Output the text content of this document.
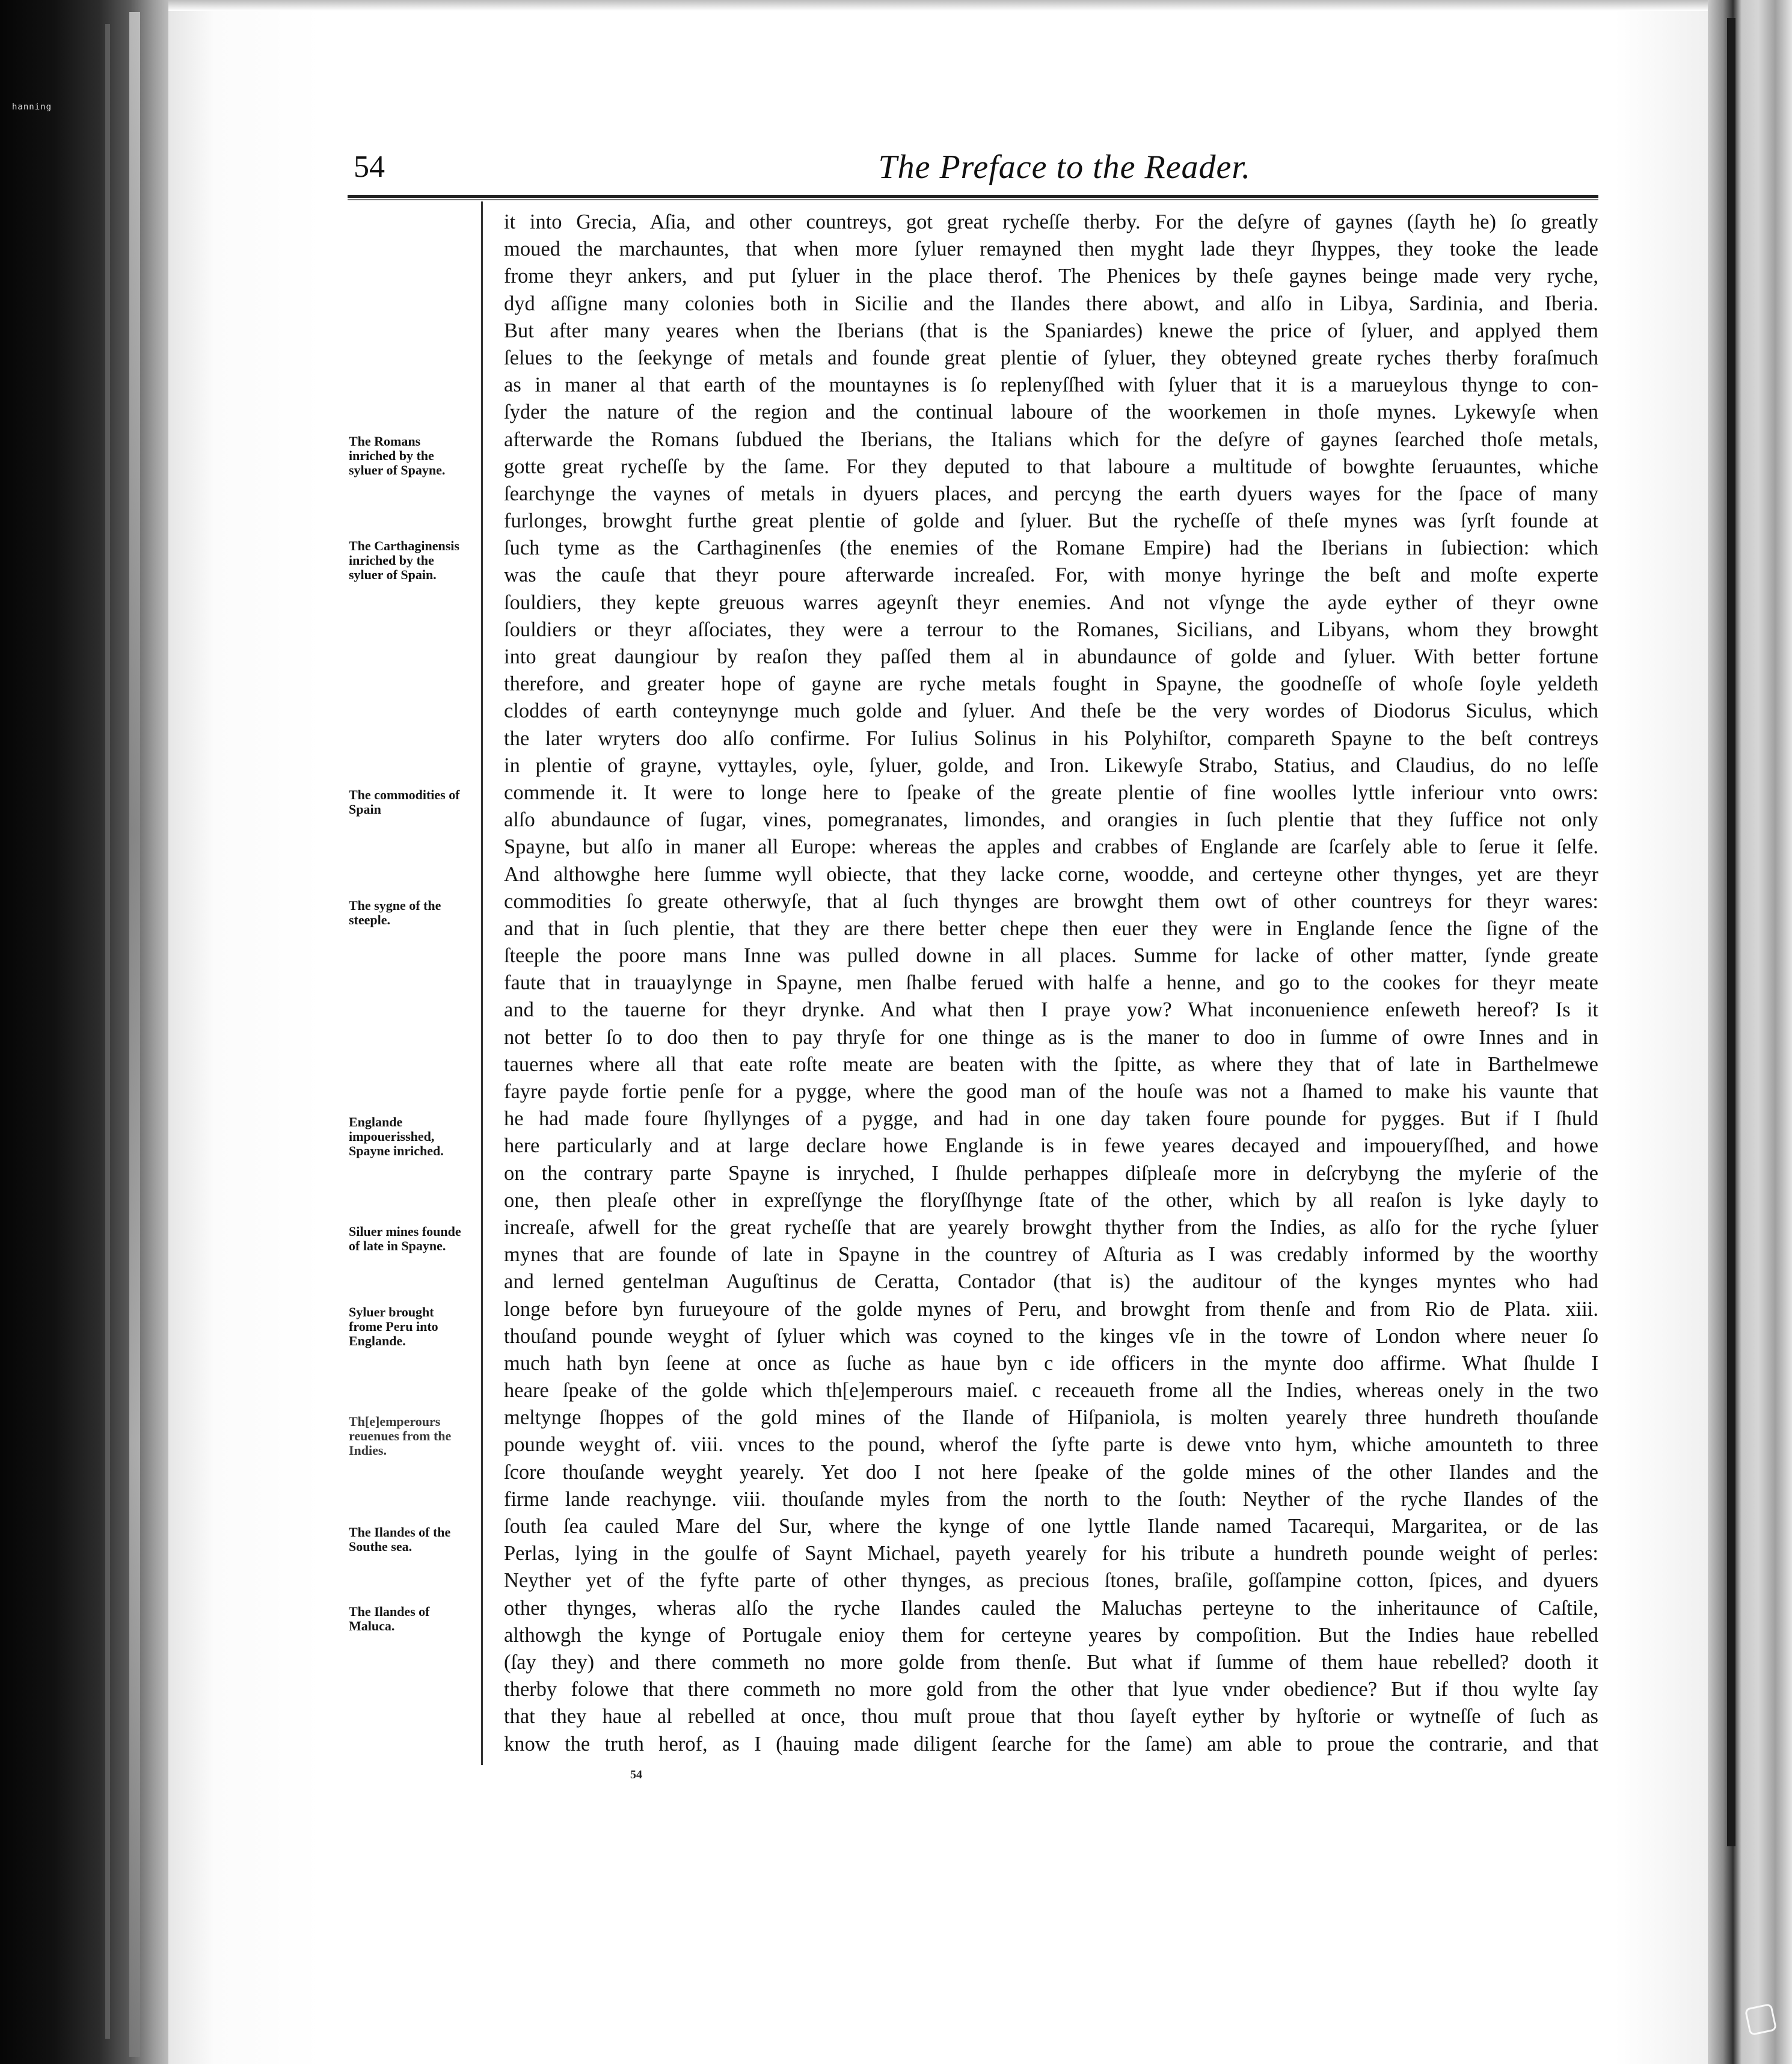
hanning
54	The Preface to the Reader.
The Romans inriched by the syluer of Spayne.
The Carthaginensis inriched by the syluer of Spain.
The commodities of Spain
The sygne of the steeple.
Englande impouerisshed, Spayne inriched.
Siluer mines founde of late in Spayne.
Syluer brought frome Peru into Englande.
Th[e]emperours reuenues from the Indies.
The Ilandes of the Southe sea.
The Ilandes of Maluca.
it into Grecia, Aſia, and other countreys, got great rycheſſe therby. For the deſyre of gaynes (ſayth he) ſo greatly
moued the marchauntes, that when more ſyluer remayned then myght lade theyr ſhyppes, they tooke the leade
frome theyr ankers, and put ſyluer in the place therof. The Phenices by theſe gaynes beinge made very ryche,
dyd aſſigne many colonies both in Sicilie and the Ilandes there abowt, and alſo in Libya, Sardinia, and Iberia.
But after many yeares when the Iberians (that is the Spaniardes) knewe the price of ſyluer, and applyed them
ſelues to the ſeekynge of metals and founde great plentie of ſyluer, they obteyned greate ryches therby foraſmuch
as in maner al that earth of the mountaynes is ſo replenyſſhed with ſyluer that it is a marueylous thynge to con-
ſyder the nature of the region and the continual laboure of the woorkemen in thoſe mynes. Lykewyſe when
afterwarde the Romans ſubdued the Iberians, the Italians which for the deſyre of gaynes ſearched thoſe metals,
gotte great rycheſſe by the ſame. For they deputed to that laboure a multitude of bowghte ſeruauntes, whiche
ſearchynge the vaynes of metals in dyuers places, and percyng the earth dyuers wayes for the ſpace of many
furlonges, browght furthe great plentie of golde and ſyluer. But the rycheſſe of theſe mynes was ſyrſt founde at
ſuch tyme as the Carthaginenſes (the enemies of the Romane Empire) had the Iberians in ſubiection: which
was the cauſe that theyr poure afterwarde increaſed. For, with monye hyringe the beſt and moſte experte
ſouldiers, they kepte greuous warres ageynſt theyr enemies. And not vſynge the ayde eyther of theyr owne
ſouldiers or theyr aſſociates, they were a terrour to the Romanes, Sicilians, and Libyans, whom they browght
into great daungiour by reaſon they paſſed them al in abundaunce of golde and ſyluer. With better fortune
therefore, and greater hope of gayne are ryche metals fought in Spayne, the goodneſſe of whoſe ſoyle yeldeth
cloddes of earth conteynynge much golde and ſyluer. And theſe be the very wordes of Diodorus Siculus, which
the later wryters doo alſo confirme. For Iulius Solinus in his Polyhiſtor, compareth Spayne to the beſt contreys
in plentie of grayne, vyttayles, oyle, ſyluer, golde, and Iron. Likewyſe Strabo, Statius, and Claudius, do no leſſe
commende it. It were to longe here to ſpeake of the greate plentie of fine woolles lyttle inferiour vnto owrs:
alſo abundaunce of ſugar, vines, pomegranates, limondes, and orangies in ſuch plentie that they ſuffice not only
Spayne, but alſo in maner all Europe: whereas the apples and crabbes of Englande are ſcarſely able to ſerue it ſelfe.
And althowghe here ſumme wyll obiecte, that they lacke corne, woodde, and certeyne other thynges, yet are theyr
commodities ſo greate otherwyſe, that al ſuch thynges are browght them owt of other countreys for theyr wares:
and that in ſuch plentie, that they are there better chepe then euer they were in Englande ſence the ſigne of the
ſteeple the poore mans Inne was pulled downe in all places. Summe for lacke of other matter, ſynde greate
faute that in trauaylynge in Spayne, men ſhalbe ferued with halfe a henne, and go to the cookes for theyr meate
and to the tauerne for theyr drynke. And what then I praye yow? What inconuenience enſeweth hereof? Is it
not better ſo to doo then to pay thryſe for one thinge as is the maner to doo in ſumme of owre Innes and in
tauernes where all that eate roſte meate are beaten with the ſpitte, as where they that of late in Barthelmewe
fayre payde fortie penſe for a pygge, where the good man of the houſe was not a ſhamed to make his vaunte that
he had made foure ſhyllynges of a pygge, and had in one day taken foure pounde for pygges. But if I ſhuld
here particularly and at large declare howe Englande is in fewe yeares decayed and impoueryſſhed, and howe
on the contrary parte Spayne is inryched, I ſhulde perhappes diſpleaſe more in deſcrybyng the myſerie of the
one, then pleaſe other in expreſſynge the floryſſhynge ſtate of the other, which by all reaſon is lyke dayly to
increaſe, afwell for the great rycheſſe that are yearely browght thyther from the Indies, as alſo for the ryche ſyluer
mynes that are founde of late in Spayne in the countrey of Aſturia as I was credably informed by the woorthy
and lerned gentelman Auguſtinus de Ceratta, Contador (that is) the auditour of the kynges myntes who had
longe before byn furueyoure of the golde mynes of Peru, and browght from thenſe and from Rio de Plata. xiii.
thouſand pounde weyght of ſyluer which was coyned to the kinges vſe in the towre of London where neuer ſo
much hath byn ſeene at once as ſuche as haue byn c ide officers in the mynte doo affirme. What ſhulde I
heare ſpeake of the golde which th[e]emperours maieſ. c receaueth frome all the Indies, whereas onely in the two
meltynge ſhoppes of the gold mines of the Ilande of Hiſpaniola, is molten yearely three hundreth thouſande
pounde weyght of. viii. vnces to the pound, wherof the ſyfte parte is dewe vnto hym, whiche amounteth to three
ſcore thouſande weyght yearely. Yet doo I not here ſpeake of the golde mines of the other Ilandes and the
firme lande reachynge. viii. thouſande myles from the north to the ſouth: Neyther of the ryche Ilandes of the
ſouth ſea cauled Mare del Sur, where the kynge of one lyttle Ilande named Tacarequi, Margaritea, or de las
Perlas, lying in the goulfe of Saynt Michael, payeth yearely for his tribute a hundreth pounde weight of perles:
Neyther yet of the fyfte parte of other thynges, as precious ſtones, braſile, goſſampine cotton, ſpices, and dyuers
other thynges, wheras alſo the ryche Ilandes cauled the Maluchas perteyne to the inheritaunce of Caſtile,
althowgh the kynge of Portugale enioy them for certeyne yeares by compoſition. But the Indies haue rebelled
(ſay they) and there commeth no more golde from thenſe. But what if ſumme of them haue rebelled? dooth it
therby folowe that there commeth no more gold from the other that lyue vnder obedience? But if thou wylte ſay
that they haue al rebelled at once, thou muſt proue that thou ſayeſt eyther by hyſtorie or wytneſſe of ſuch as
know the truth herof, as I (hauing made diligent ſearche for the ſame) am able to proue the contrarie, and that
54
